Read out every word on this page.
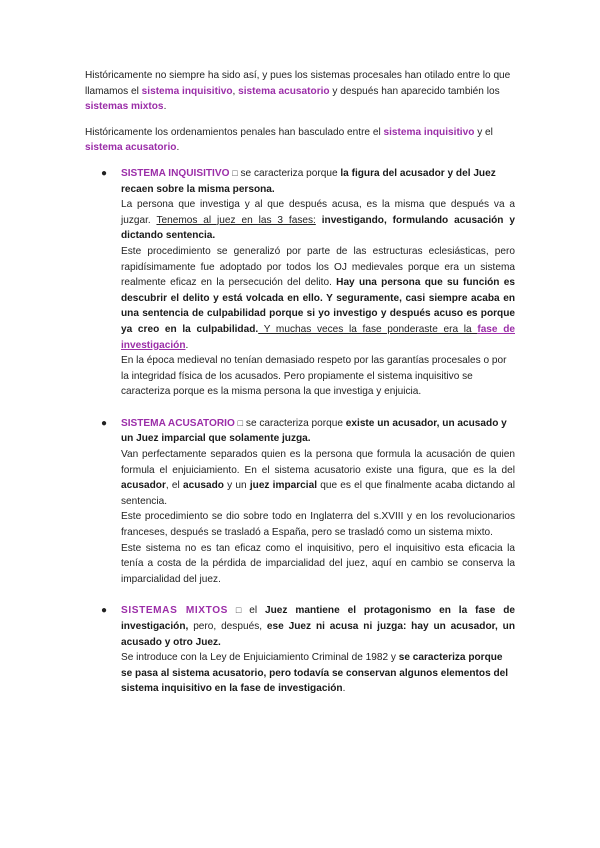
Históricamente no siempre ha sido así, y pues los sistemas procesales han otilado entre lo que llamamos el sistema inquisitivo, sistema acusatorio y después han aparecido también los sistemas mixtos.

Históricamente los ordenamientos penales han basculado entre el sistema inquisitivo y el sistema acusatorio.

● SISTEMA INQUISITIVO □ se caracteriza porque la figura del acusador y del Juez recaen sobre la misma persona.

La persona que investiga y al que después acusa, es la misma que después va a juzgar. Tenemos al juez en las 3 fases: investigando, formulando acusación y dictando sentencia.

Este procedimiento se generalizó por parte de las estructuras eclesiásticas, pero rapidísimamente fue adoptado por todos los OJ medievales porque era un sistema realmente eficaz en la persecución del delito. Hay una persona que su función es descubrir el delito y está volcada en ello. Y seguramente, casi siempre acaba en una sentencia de culpabilidad porque si yo investigo y después acuso es porque ya creo en la culpabilidad. Y muchas veces la fase ponderaste era la fase de investigación.

En la época medieval no tenían demasiado respeto por las garantías procesales o por la integridad física de los acusados. Pero propiamente el sistema inquisitivo se caracteriza porque es la misma persona la que investiga y enjuicia.

● SISTEMA ACUSATORIO □ se caracteriza porque existe un acusador, un acusado y un Juez imparcial que solamente juzga.

Van perfectamente separados quien es la persona que formula la acusación de quien formula el enjuiciamiento. En el sistema acusatorio existe una figura, que es la del acusador, el acusado y un juez imparcial que es el que finalmente acaba dictando al sentencia.

Este procedimiento se dio sobre todo en Inglaterra del s.XVIII y en los revolucionarios franceses, después se trasladó a España, pero se trasladó como un sistema mixto.

Este sistema no es tan eficaz como el inquisitivo, pero el inquisitivo esta eficacia la tenía a costa de la pérdida de imparcialidad del juez, aquí en cambio se conserva la imparcialidad del juez.

● SISTEMAS MIXTOS □ el Juez mantiene el protagonismo en la fase de investigación, pero, después, ese Juez ni acusa ni juzga: hay un acusador, un acusado y otro Juez.

Se introduce con la Ley de Enjuiciamiento Criminal de 1982 y se caracteriza porque se pasa al sistema acusatorio, pero todavía se conservan algunos elementos del sistema inquisitivo en la fase de investigación.
